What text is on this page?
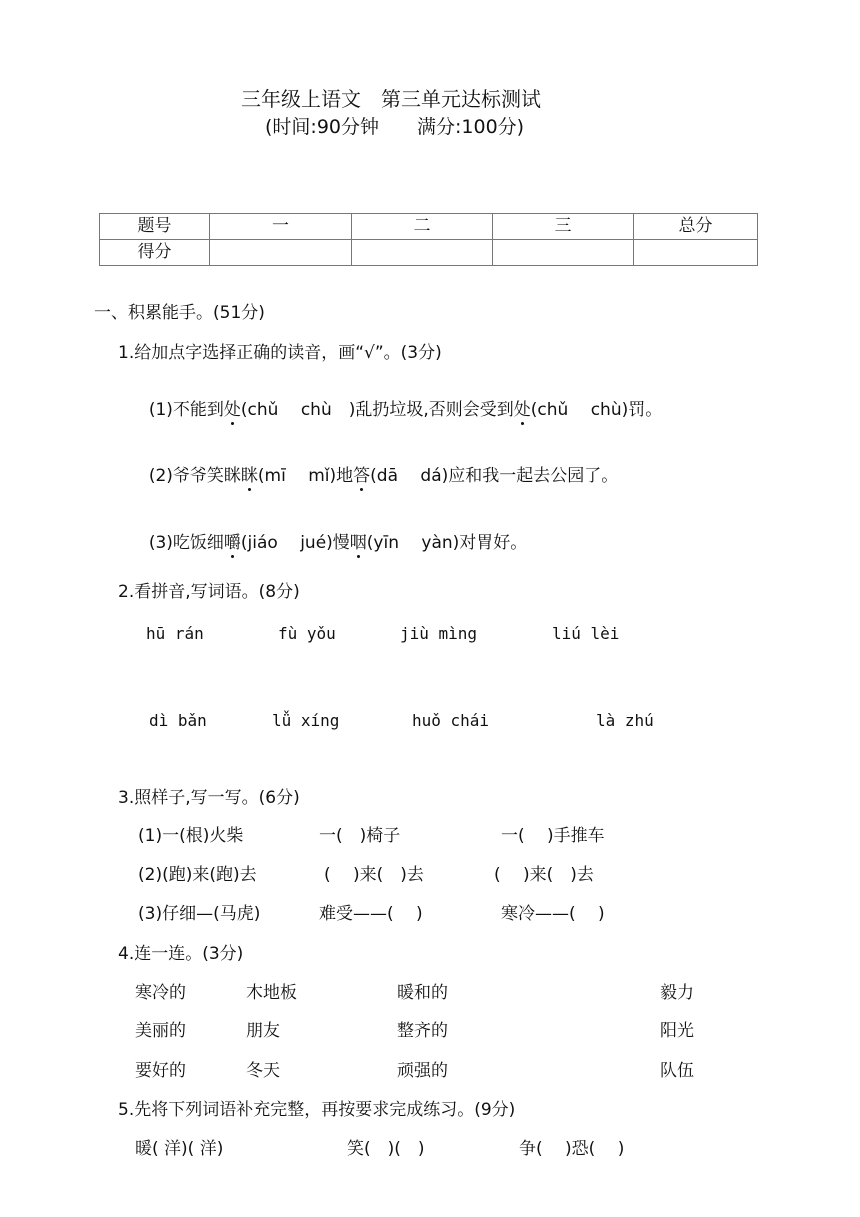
三年级上语文　第三单元达标测试
(时间:90分钟　　满分:100分)
题号	一	二	三	总分
得分				
一、积累能手。(51分)
1.给加点字选择正确的读音，画“√”。(3分)

(1)不能到处(chǔ　 chù　)乱扔垃圾,否则会受到处(chǔ　 chù)罚。

(2)爷爷笑眯眯(mī　 mǐ)地答(dā　 dá)应和我一起去公园了。

(3)吃饭细嚼(jiáo　 jué)慢咽(yīn　 yàn)对胃好。

2.看拼音,写词语。(8分)
hū rán	fù yǒu	jiù mìng	liú lèi
dì bǎn	lǚ xíng	huǒ chái	là zhú
3.照样子,写一写。(6分)
(1)一(根)火柴	一(　)椅子	一(　 )手推车
(2)(跑)来(跑)去	(　 )来(　)去	(　 )来(　)去
(3)仔细—(马虎)	难受——(　 )	寒冷——(　 )
4.连一连。(3分)
寒冷的	木地板	暖和的	毅力
美丽的	朋友	整齐的	阳光
要好的	冬天	顽强的	队伍
5.先将下列词语补充完整，再按要求完成练习。(9分)
暖( 洋)( 洋)	笑(　)(　)	争(　 )恐(　 )
